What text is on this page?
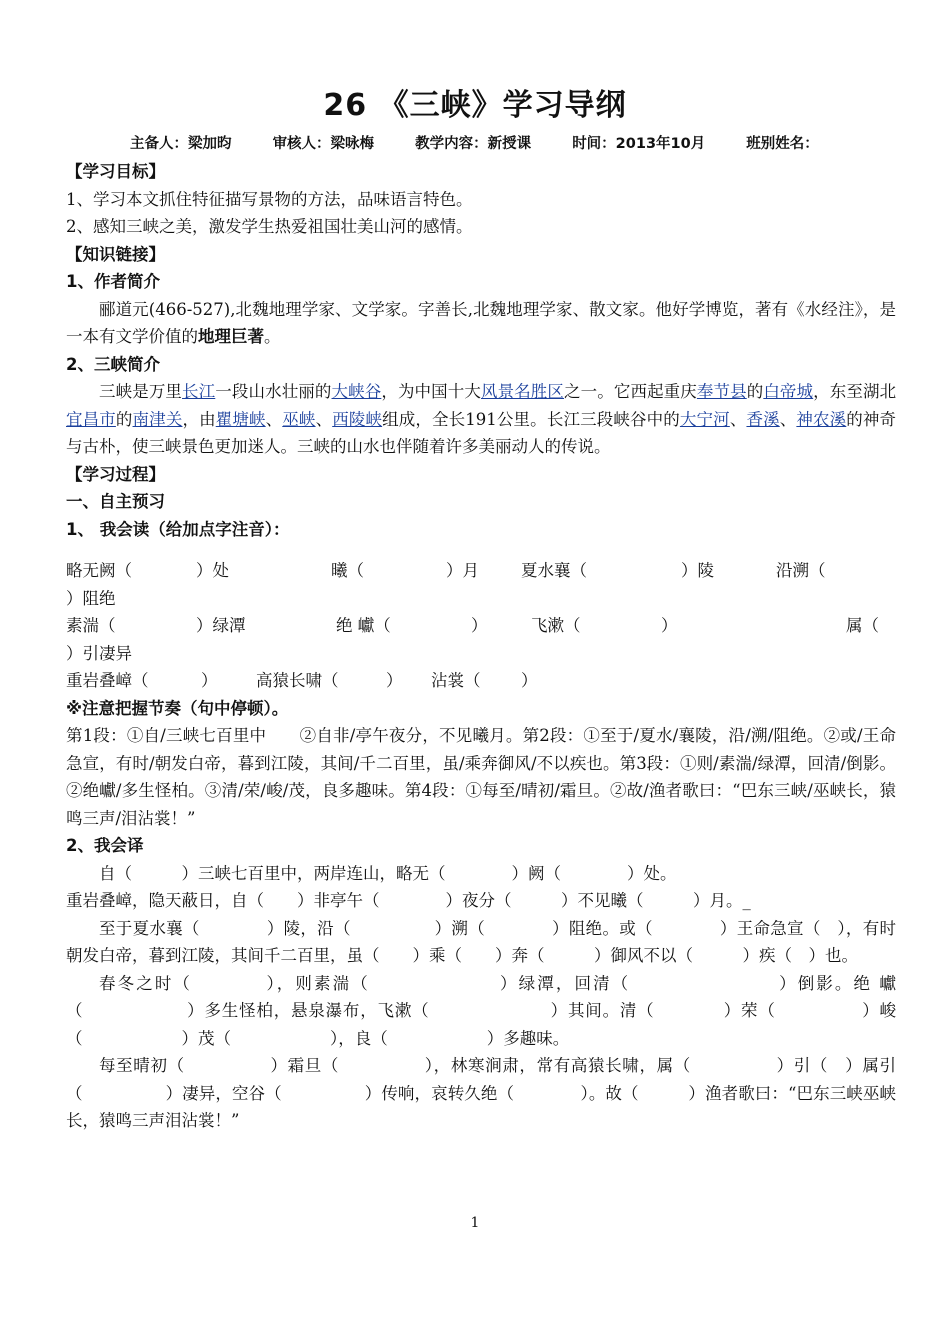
26 《三峡》学习导纲
主备人：梁加昀	审核人：梁咏梅	教学内容：新授课	时间：2013年10月	班别姓名：
【学习目标】
1、学习本文抓住特征描写景物的方法，品味语言特色。
2、感知三峡之美，激发学生热爱祖国壮美山河的感情。
【知识链接】
1、作者简介
郦道元(466-527),北魏地理学家、文学家。字善长,北魏地理学家、散文家。他好学博览，著有《水经注》，是一本有文学价值的地理巨著。
2、三峡简介
三峡是万里长江一段山水壮丽的大峡谷，为中国十大风景名胜区之一。它西起重庆奉节县的白帝城，东至湖北宜昌市的南津关，由瞿塘峡、巫峡、西陵峡组成，全长191公里。长江三段峡谷中的大宁河、香溪、神农溪的神奇与古朴，使三峡景色更加迷人。三峡的山水也伴随着许多美丽动人的传说。
【学习过程】
一、自主预习
1、 我会读（给加点字注音）：
略无阙（	）处	曦（	）月	夏水襄（	）陵	沿溯（
）阻绝
素湍（	）绿潭	绝 巘（	）	飞漱（	）	属（
）引凄异
重岩叠嶂（	）	高猿长啸（	）	沾裳（	）
※注意把握节奏（句中停顿）。
第1段：①自/三峡七百里中　　②自非/亭午夜分，不见曦月。第2段：①至于/夏水/襄陵，沿/溯/阻绝。②或/王命急宣，有时/朝发白帝，暮到江陵，其间/千二百里，虽/乘奔御风/不以疾也。第3段：①则/素湍/绿潭，回清/倒影。②绝巘/多生怪柏。③清/荣/峻/茂，良多趣味。第4段：①每至/晴初/霜旦。②故/渔者歌曰：“巴东三峡/巫峡长，猿鸣三声/泪沾裳！”
2、我会译
自（　　　）三峡七百里中，两岸连山，略无（　　　　）阙（　　　　）处。
重岩叠嶂，隐天蔽日，自（　　）非亭午（　　　　）夜分（　　　）不见曦（　　　）月。_
至于夏水襄（　　　　）陵，沿（　　　　　）溯（　　　　）阻绝。或（　　　　）王命急宣（　），有时朝发白帝，暮到江陵，其间千二百里，虽（　　）乘（　　）奔（　　　）御风不以（　　　）疾（　）也。
春冬之时（　　　　），则素湍（　　　　　　　）绿潭，回清（　　　　　　　　）倒影。绝 巘（　　　　　　）多生怪柏，悬泉瀑布，飞漱（　　　　　　　）其间。清（　　　　）荣（　　　　　）峻（　　　　　　）茂（　　　　　　），良（　　　　　　）多趣味。
每至晴初（　　　　　）霜旦（　　　　　），林寒涧肃，常有高猿长啸，属（　　　　　）引（　）属引（　　　　　）凄异，空谷（　　　　　）传响，哀转久绝（　　　　）。故（　　　）渔者歌曰：“巴东三峡巫峡长，猿鸣三声泪沾裳！”
1
